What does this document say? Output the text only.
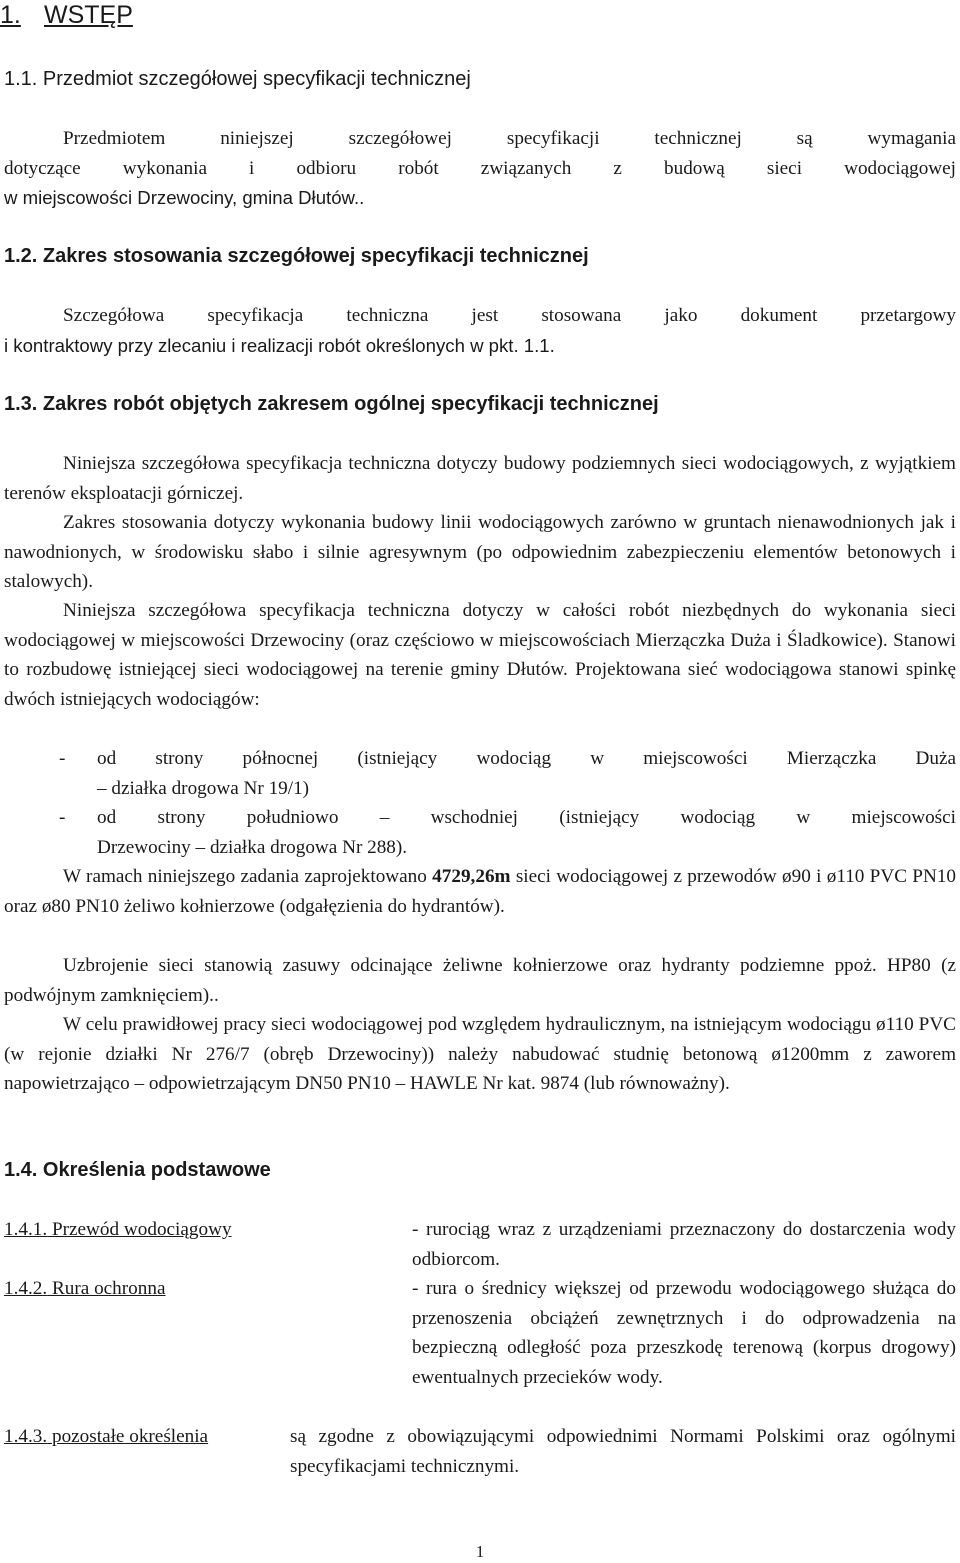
1. WSTĘP
1.1. Przedmiot szczegółowej specyfikacji technicznej
Przedmiotem niniejszej szczegółowej specyfikacji technicznej są wymagania
dotyczące wykonania i odbioru robót związanych z budową sieci wodociągowej
w miejscowości Drzewociny, gmina Dłutów..
1.2. Zakres stosowania szczegółowej specyfikacji technicznej
Szczegółowa specyfikacja techniczna jest stosowana jako dokument przetargowy
i kontraktowy przy zlecaniu i realizacji robót określonych w pkt. 1.1.
1.3. Zakres robót objętych zakresem ogólnej specyfikacji technicznej
Niniejsza szczegółowa specyfikacja techniczna dotyczy budowy podziemnych sieci wodociągowych, z wyjątkiem terenów eksploatacji górniczej.
Zakres stosowania dotyczy wykonania budowy linii wodociągowych zarówno w gruntach nienawodnionych jak i nawodnionych, w środowisku słabo i silnie agresywnym (po odpowiednim zabezpieczeniu elementów betonowych i stalowych).
Niniejsza szczegółowa specyfikacja techniczna dotyczy w całości robót niezbędnych do wykonania sieci wodociągowej w miejscowości Drzewociny (oraz częściowo w miejscowościach Mierzączka Duża i Śladkowice). Stanowi to rozbudowę istniejącej sieci wodociągowej na terenie gminy Dłutów. Projektowana sieć wodociągowa stanowi spinkę dwóch istniejących wodociągów:
- od strony północnej (istniejący wodociąg w miejscowości Mierzączka Duża
– działka drogowa Nr 19/1)
- od strony południowo – wschodniej (istniejący wodociąg w miejscowości
Drzewociny – działka drogowa Nr 288).
W ramach niniejszego zadania zaprojektowano 4729,26m sieci wodociągowej z przewodów ø90 i ø110 PVC PN10 oraz ø80 PN10 żeliwo kołnierzowe (odgałęzienia do hydrantów).
Uzbrojenie sieci stanowią zasuwy odcinające żeliwne kołnierzowe oraz hydranty podziemne ppoż. HP80 (z podwójnym zamknięciem)..
W celu prawidłowej pracy sieci wodociągowej pod względem hydraulicznym, na istniejącym wodociągu ø110 PVC (w rejonie działki Nr 276/7 (obręb Drzewociny)) należy nabudować studnię betonową ø1200mm z zaworem napowietrzająco – odpowietrzającym DN50 PN10 – HAWLE Nr kat. 9874 (lub równoważny).
1.4. Określenia podstawowe
1.4.1. Przewód wodociągowy	- rurociąg wraz z urządzeniami przeznaczony do dostarczenia wody odbiorcom.
1.4.2. Rura ochronna	- rura o średnicy większej od przewodu wodociągowego służąca do przenoszenia obciążeń zewnętrznych i do odprowadzenia na bezpieczną odległość poza przeszkodę terenową (korpus drogowy) ewentualnych przecieków wody.
1.4.3. pozostałe określenia	są zgodne z obowiązującymi odpowiednimi Normami Polskimi oraz ogólnymi specyfikacjami technicznymi.
1
